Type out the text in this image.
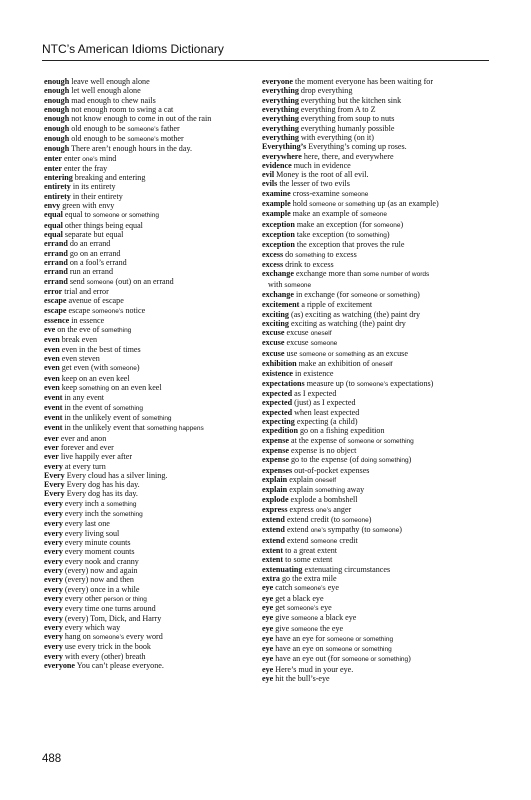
NTC’s American Idioms Dictionary
enough leave well enough alone
enough let well enough alone
enough mad enough to chew nails
enough not enough room to swing a cat
enough not know enough to come in out of the rain
enough old enough to be someone’s father
enough old enough to be someone’s mother
enough There aren’t enough hours in the day.
enter enter one’s mind
enter enter the fray
entering breaking and entering
entirety in its entirety
entirety in their entirety
envy green with envy
equal equal to someone or something
equal other things being equal
equal separate but equal
errand do an errand
errand go on an errand
errand on a fool’s errand
errand run an errand
errand send someone (out) on an errand
error trial and error
escape avenue of escape
escape escape someone’s notice
essence in essence
eve on the eve of something
even break even
even even in the best of times
even even steven
even get even (with someone)
even keep on an even keel
even keep something on an even keel
event in any event
event in the event of something
event in the unlikely event of something
event in the unlikely event that something happens
ever ever and anon
ever forever and ever
ever live happily ever after
every at every turn
Every Every cloud has a silver lining.
Every Every dog has his day.
Every Every dog has its day.
every every inch a something
every every inch the something
every every last one
every every living soul
every every minute counts
every every moment counts
every every nook and cranny
every (every) now and again
every (every) now and then
every (every) once in a while
every every other person or thing
every every time one turns around
every (every) Tom, Dick, and Harry
every every which way
every hang on someone’s every word
every use every trick in the book
every with every (other) breath
everyone You can’t please everyone.
everyone the moment everyone has been waiting for
everything drop everything
everything everything but the kitchen sink
everything everything from A to Z
everything everything from soup to nuts
everything everything humanly possible
everything with everything (on it)
Everything’s Everything’s coming up roses.
everywhere here, there, and everywhere
evidence much in evidence
evil Money is the root of all evil.
evils the lesser of two evils
examine cross-examine someone
example hold someone or something up (as an example)
example make an example of someone
exception make an exception (for someone)
exception take exception (to something)
exception the exception that proves the rule
excess do something to excess
excess drink to excess
exchange exchange more than some number of words
with someone
exchange in exchange (for someone or something)
excitement a ripple of excitement
exciting (as) exciting as watching (the) paint dry
exciting exciting as watching (the) paint dry
excuse excuse oneself
excuse excuse someone
excuse use someone or something as an excuse
exhibition make an exhibition of oneself
existence in existence
expectations measure up (to someone’s expectations)
expected as I expected
expected (just) as I expected
expected when least expected
expecting expecting (a child)
expedition go on a fishing expedition
expense at the expense of someone or something
expense expense is no object
expense go to the expense (of doing something)
expenses out-of-pocket expenses
explain explain oneself
explain explain something away
explode explode a bombshell
express express one’s anger
extend extend credit (to someone)
extend extend one’s sympathy (to someone)
extend extend someone credit
extent to a great extent
extent to some extent
extenuating extenuating circumstances
extra go the extra mile
eye catch someone’s eye
eye get a black eye
eye get someone’s eye
eye give someone a black eye
eye give someone the eye
eye have an eye for someone or something
eye have an eye on someone or something
eye have an eye out (for someone or something)
eye Here’s mud in your eye.
eye hit the bull’s-eye
488
